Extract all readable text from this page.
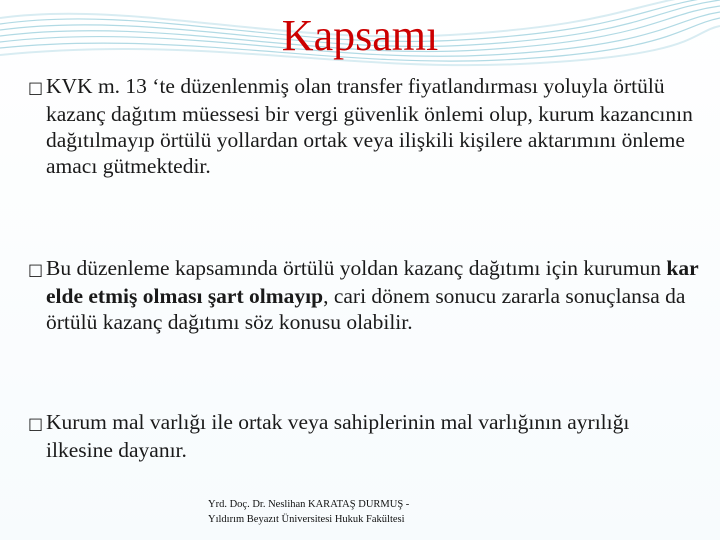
Kapsamı

□ KVK m. 13 ‘te düzenlenmiş olan transfer fiyatlandırması yoluyla örtülü kazanç dağıtım müessesi bir vergi güvenlik önlemi olup, kurum kazancının dağıtılmayıp örtülü yollardan ortak veya ilişkili kişilere aktarımını önleme amacı gütmektedir.

□ Bu düzenleme kapsamında örtülü yoldan kazanç dağıtımı için kurumun kar elde etmiş olması şart olmayıp, cari dönem sonucu zararla sonuçlansa da örtülü kazanç dağıtımı söz konusu olabilir.

□ Kurum mal varlığı ile ortak veya sahiplerinin mal varlığının ayrılığı ilkesine dayanır.

Yrd. Doç. Dr. Neslihan KARATAŞ DURMUŞ -
Yıldırım Beyazıt Üniversitesi Hukuk Fakültesi
